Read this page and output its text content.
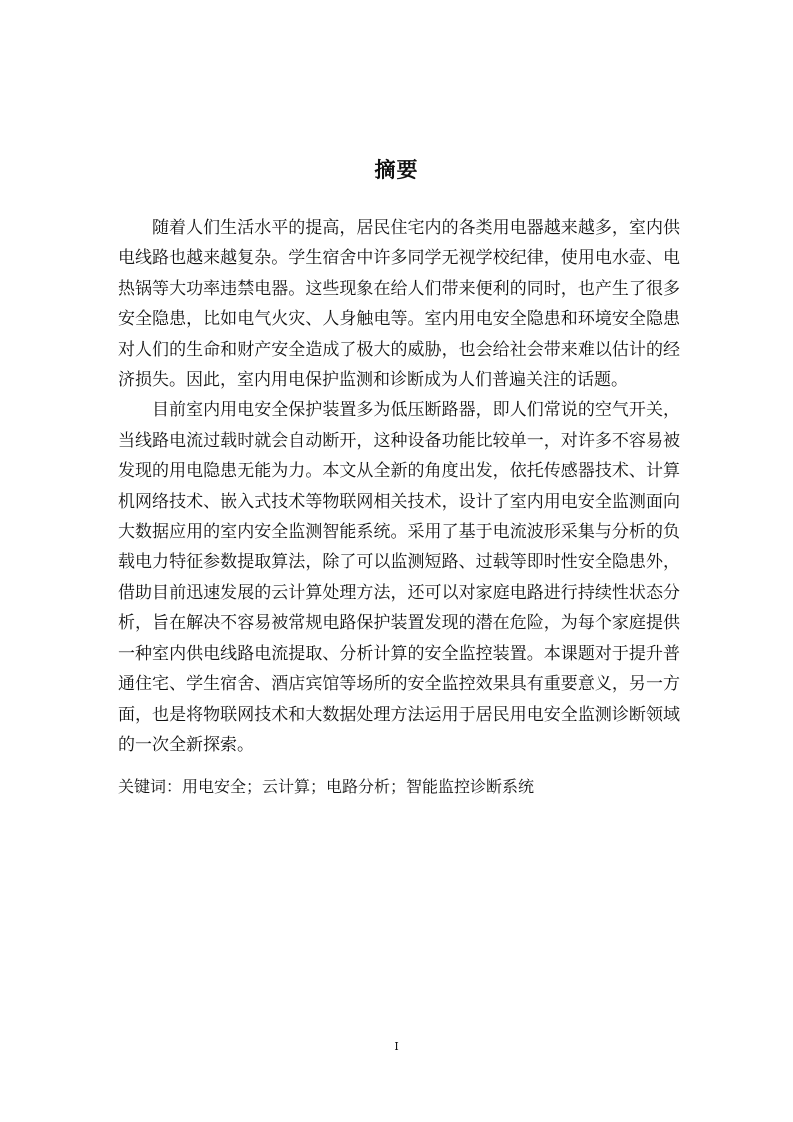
摘要

随着人们生活水平的提高，居民住宅内的各类用电器越来越多，室内供电线路也越来越复杂。学生宿舍中许多同学无视学校纪律，使用电水壶、电热锅等大功率违禁电器。这些现象在给人们带来便利的同时，也产生了很多安全隐患，比如电气火灾、人身触电等。室内用电安全隐患和环境安全隐患对人们的生命和财产安全造成了极大的威胁，也会给社会带来难以估计的经济损失。因此，室内用电保护监测和诊断成为人们普遍关注的话题。

目前室内用电安全保护装置多为低压断路器，即人们常说的空气开关，当线路电流过载时就会自动断开，这种设备功能比较单一，对许多不容易被发现的用电隐患无能为力。本文从全新的角度出发，依托传感器技术、计算机网络技术、嵌入式技术等物联网相关技术，设计了室内用电安全监测面向大数据应用的室内安全监测智能系统。采用了基于电流波形采集与分析的负载电力特征参数提取算法，除了可以监测短路、过载等即时性安全隐患外，借助目前迅速发展的云计算处理方法，还可以对家庭电路进行持续性状态分析，旨在解决不容易被常规电路保护装置发现的潜在危险，为每个家庭提供一种室内供电线路电流提取、分析计算的安全监控装置。本课题对于提升普通住宅、学生宿舍、酒店宾馆等场所的安全监控效果具有重要意义，另一方面，也是将物联网技术和大数据处理方法运用于居民用电安全监测诊断领域的一次全新探索。

关键词：用电安全；云计算；电路分析；智能监控诊断系统

I
